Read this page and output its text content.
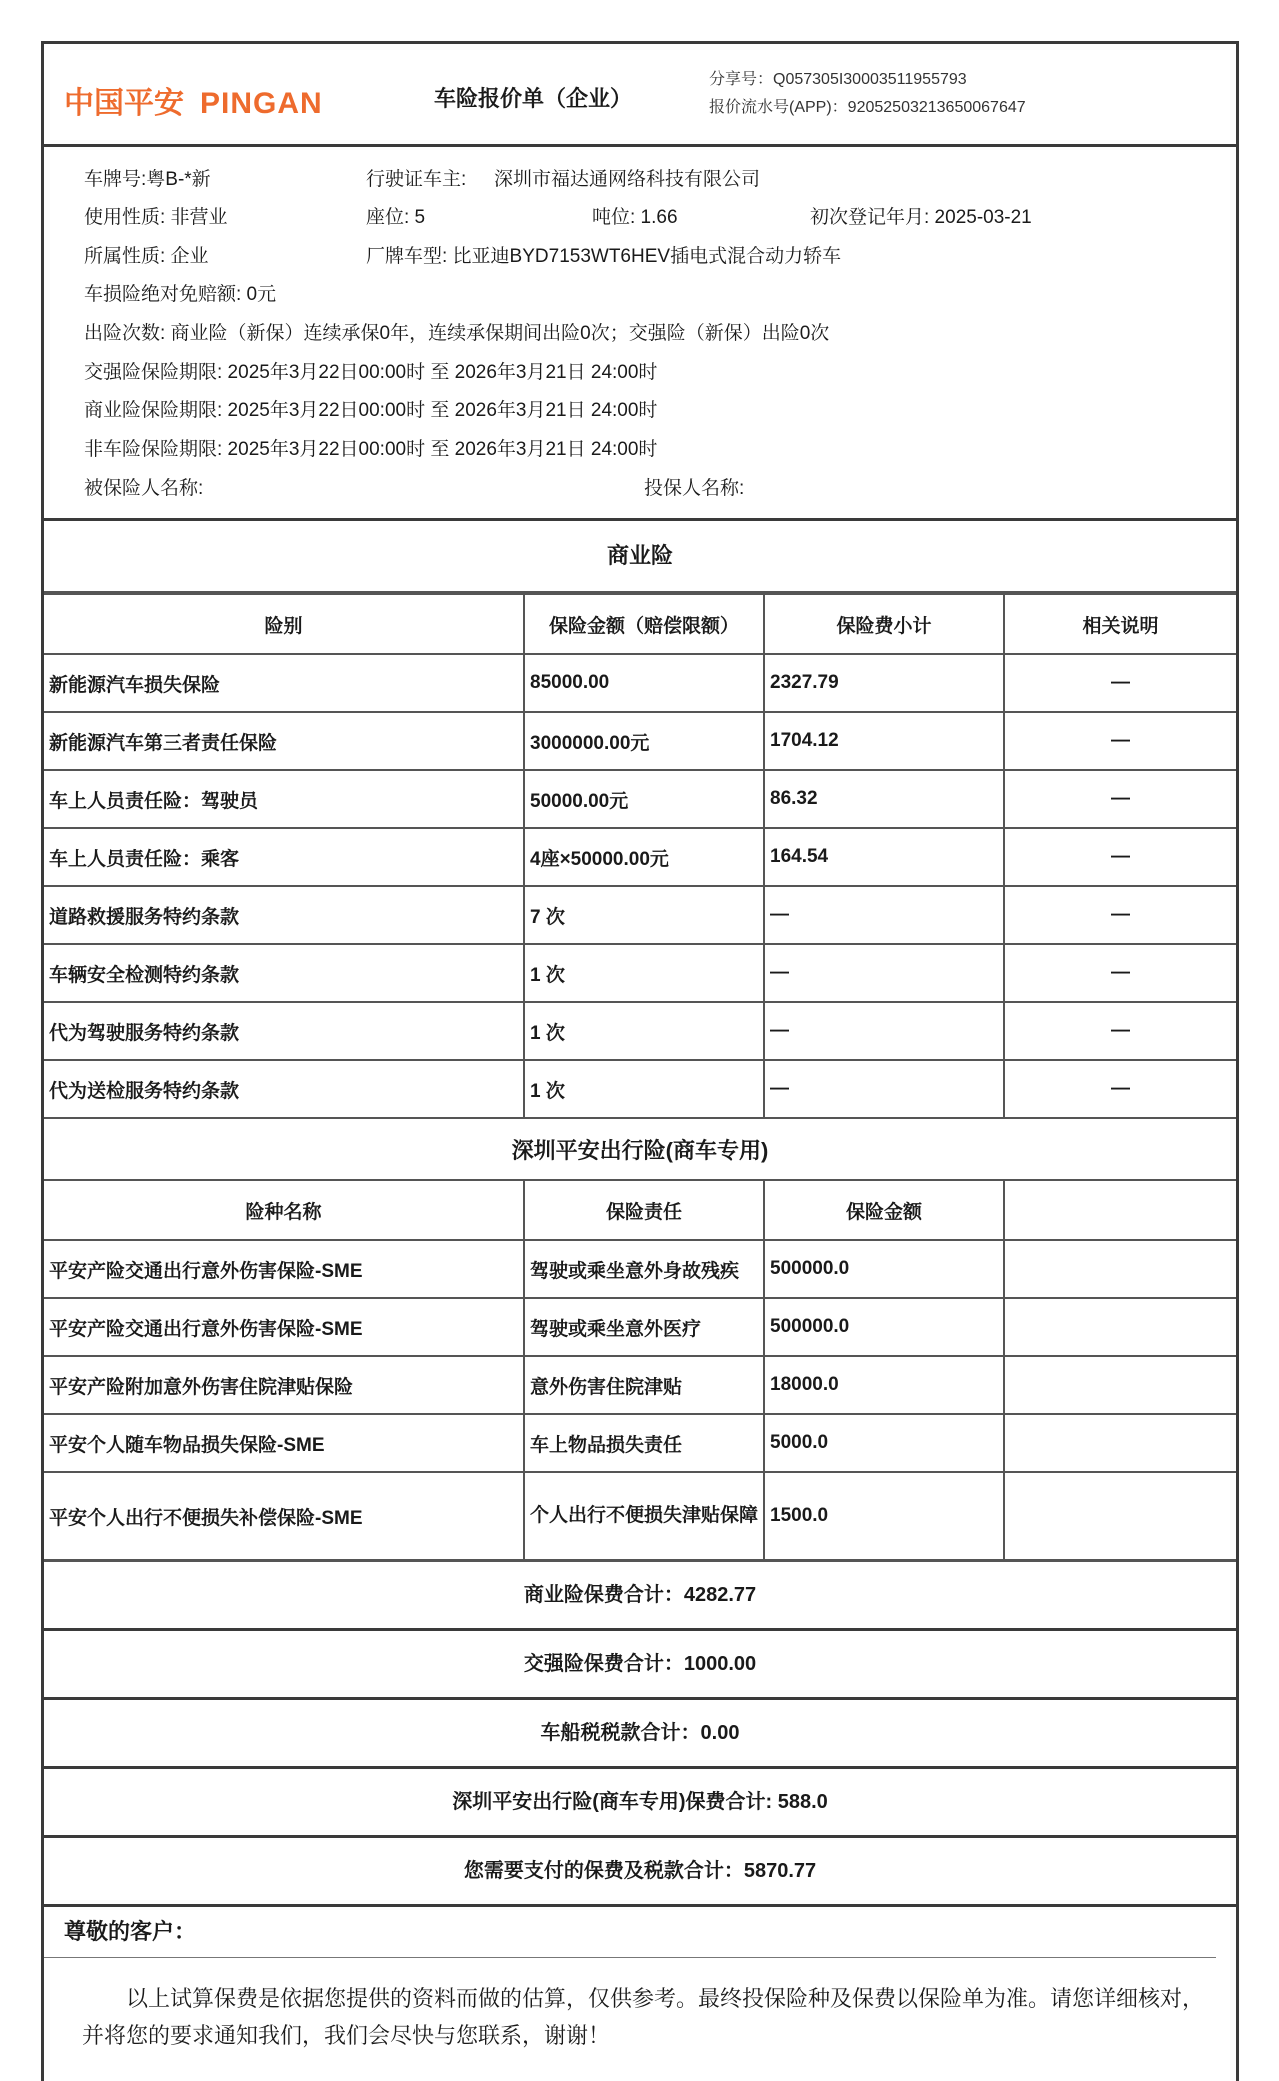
中国平安 PINGAN	车险报价单（企业）
分享号：Q057305I30003511955793
报价流水号(APP)：92052503213650067647
车牌号:粤B-*新	行驶证车主: 深圳市福达通网络科技有限公司
使用性质: 非营业	座位: 5	吨位: 1.66	初次登记年月: 2025-03-21
所属性质: 企业	厂牌车型: 比亚迪BYD7153WT6HEV插电式混合动力轿车
车损险绝对免赔额: 0元
出险次数: 商业险（新保）连续承保0年，连续承保期间出险0次；交强险（新保）出险0次
交强险保险期限: 2025年3月22日00:00时 至 2026年3月21日 24:00时
商业险保险期限: 2025年3月22日00:00时 至 2026年3月21日 24:00时
非车险保险期限: 2025年3月22日00:00时 至 2026年3月21日 24:00时
被保险人名称:	投保人名称:
商业险
险别	保险金额（赔偿限额）	保险费小计	相关说明
新能源汽车损失保险	85000.00	2327.79	—
新能源汽车第三者责任保险	3000000.00元	1704.12	—
车上人员责任险：驾驶员	50000.00元	86.32	—
车上人员责任险：乘客	4座×50000.00元	164.54	—
道路救援服务特约条款	7 次	—	—
车辆安全检测特约条款	1 次	—	—
代为驾驶服务特约条款	1 次	—	—
代为送检服务特约条款	1 次	—	—
深圳平安出行险(商车专用)			
险种名称	保险责任	保险金额	
平安产险交通出行意外伤害保险-SME	驾驶或乘坐意外身故残疾	500000.0	
平安产险交通出行意外伤害保险-SME	驾驶或乘坐意外医疗	500000.0	
平安产险附加意外伤害住院津贴保险	意外伤害住院津贴	18000.0	
平安个人随车物品损失保险-SME	车上物品损失责任	5000.0	
平安个人出行不便损失补偿保险-SME	个人出行不便损失津贴保障	1500.0	
商业险保费合计：4282.77
交强险保费合计：1000.00
车船税税款合计：0.00
深圳平安出行险(商车专用)保费合计: 588.0
您需要支付的保费及税款合计：5870.77
尊敬的客户：
以上试算保费是依据您提供的资料而做的估算，仅供参考。最终投保险种及保费以保险单为准。请您详细核对，并将您的要求通知我们，我们会尽快与您联系，谢谢！
